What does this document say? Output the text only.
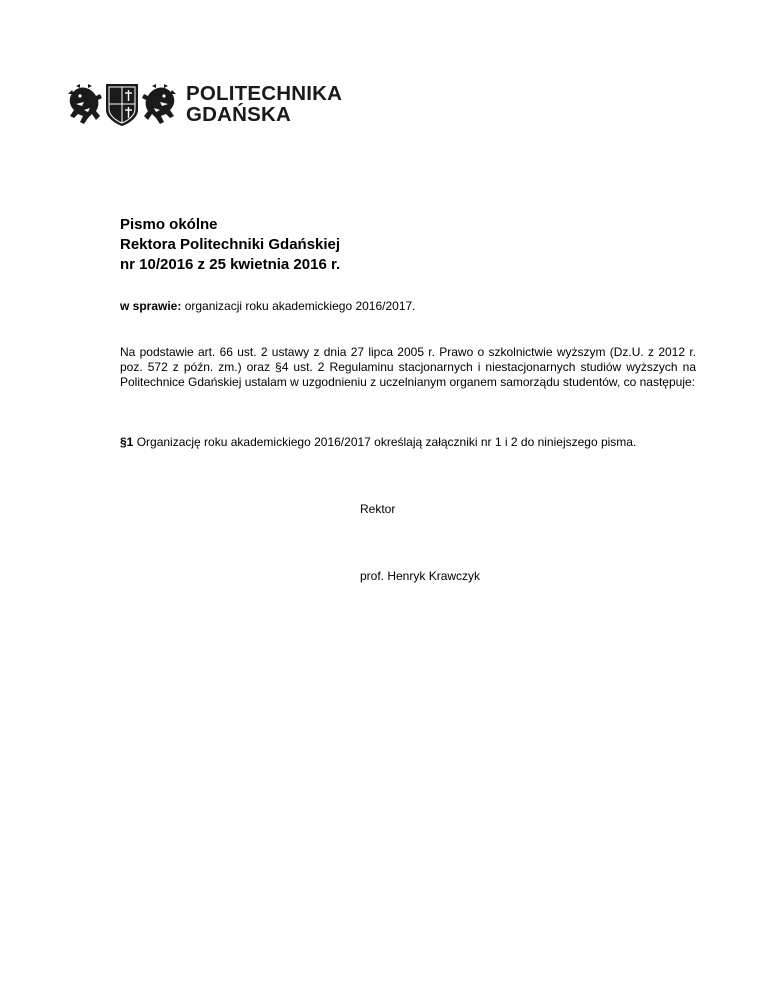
POLITECHNIKA
GDAŃSKA
Pismo okólne
Rektora Politechniki Gdańskiej
nr 10/2016 z 25 kwietnia 2016 r.
w sprawie: organizacji roku akademickiego 2016/2017.
Na podstawie art. 66 ust. 2 ustawy z dnia 27 lipca 2005 r. Prawo o szkolnictwie wyższym (Dz.U. z 2012 r. poz. 572 z późn. zm.) oraz §4 ust. 2 Regulaminu stacjonarnych i niestacjonarnych studiów wyższych na Politechnice Gdańskiej ustalam w uzgodnieniu z uczelnianym organem samorządu studentów, co następuje:
§1 Organizację roku akademickiego 2016/2017 określają załączniki nr 1 i 2 do niniejszego pisma.
Rektor
prof. Henryk Krawczyk
